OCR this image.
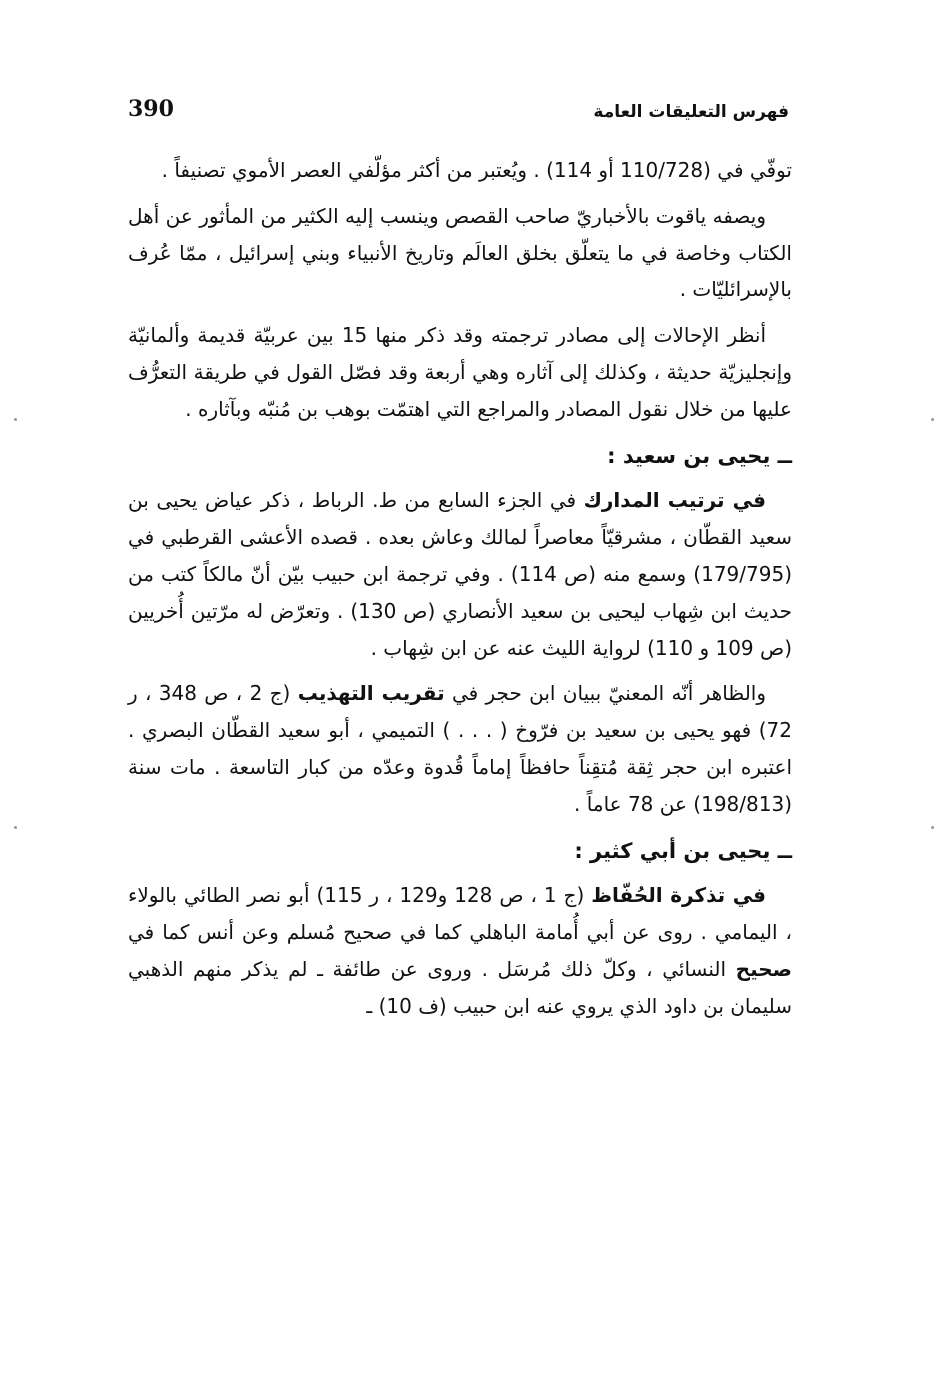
فهرس التعليقات العامة
390

توفّي في (110/728 أو 114) . ويُعتبر من أكثر مؤلّفي العصر الأموي تصنيفاً .

ويصفه ياقوت بالأخباريّ صاحب القصص وينسب إليه الكثير من المأثور عن أهل الكتاب وخاصة في ما يتعلّق بخلق العالَم وتاريخ الأنبياء وبني إسرائيل ، ممّا عُرف بالإسرائليّات .

أنظر الإحالات إلى مصادر ترجمته وقد ذكر منها 15 بين عربيّة قديمة وألمانيّة وإنجليزيّة حديثة ، وكذلك إلى آثاره وهي أربعة وقد فصّل القول في طريقة التعرُّف عليها من خلال نقول المصادر والمراجع التي اهتمّت بوهب بن مُنبّه وبآثاره .

ــ يحيى بن سعيد :

في ترتيب المدارك في الجزء السابع من ط. الرباط ، ذكر عياض يحيى بن سعيد القطّان ، مشرقيّاً معاصراً لمالك وعاش بعده . قصده الأعشى القرطبي في (179/795) وسمع منه (ص 114) . وفي ترجمة ابن حبيب بيّن أنّ مالكاً كتب من حديث ابن شِهاب ليحيى بن سعيد الأنصاري (ص 130) . وتعرّض له مرّتين أُخريين (ص 109 و 110) لرواية الليث عنه عن ابن شِهاب .

والظاهر أنّه المعنيّ ببيان ابن حجر في تقريب التهذيب (ج 2 ، ص 348 ، ر 72) فهو يحيى بن سعيد بن فرّوخ ( . . . ) التميمي ، أبو سعيد القطّان البصري . اعتبره ابن حجر ثِقة مُتقِناً حافظاً إماماً قُدوة وعدّه من كبار التاسعة . مات سنة (198/813) عن 78 عاماً .

ــ يحيى بن أبي كثير :

في تذكرة الحُفّاظ (ج 1 ، ص 128 و129 ، ر 115) أبو نصر الطائي بالولاء ، اليمامي . روى عن أبي أُمامة الباهلي كما في صحيح مُسلم وعن أنس كما في صحيح النسائي ، وكلّ ذلك مُرسَل . وروى عن طائفة ـ لم يذكر منهم الذهبي سليمان بن داود الذي يروي عنه ابن حبيب (ف 10) ـ
